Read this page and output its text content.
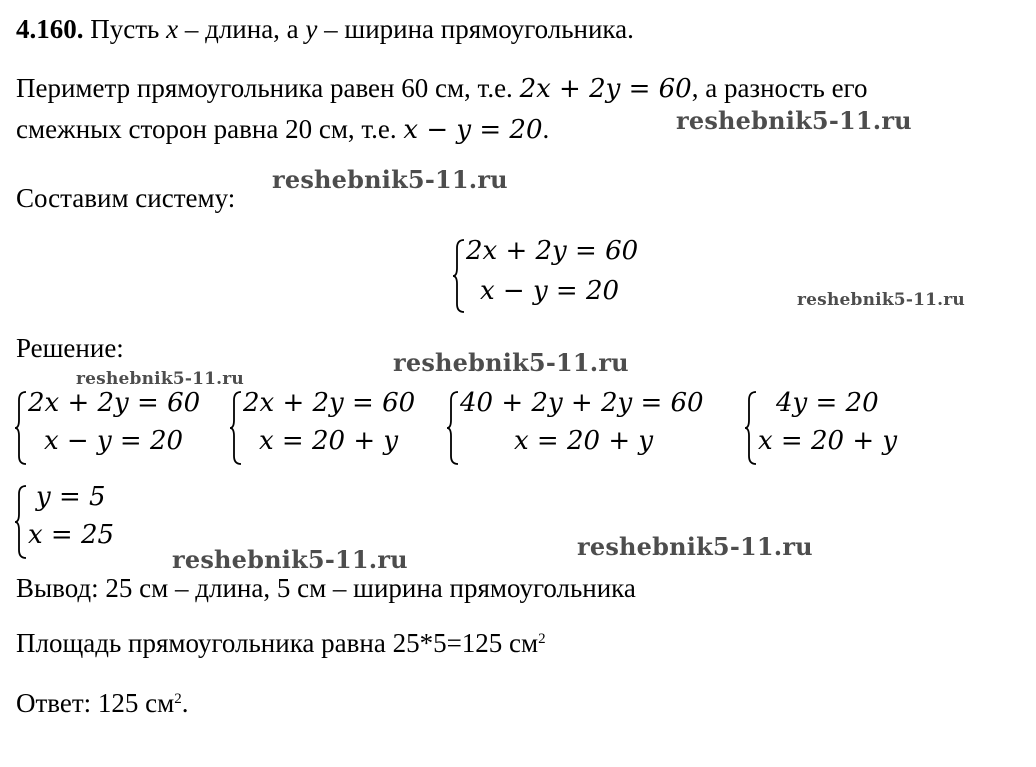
4.160. Пусть x – длина, а y – ширина прямоугольника.
Периметр прямоугольника равен 60 см, т.е. 2x + 2y = 60, а разность его
смежных сторон равна 20 см, т.е. x − y = 20.
Составим систему:
2x + 2y = 60
x − y = 20
Решение:
2x + 2y = 60
x − y = 20
2x + 2y = 60
x = 20 + y
40 + 2y + 2y = 60
x = 20 + y
4y = 20
x = 20 + y
y = 5
x = 25
Вывод: 25 см – длина, 5 см – ширина прямоугольника
Площадь прямоугольника равна 25*5=125 $см^2$
Ответ: 125 $см^2$.
reshebnik5-11.ru
reshebnik5-11.ru
reshebnik5-11.ru
reshebnik5-11.ru
reshebnik5-11.ru
reshebnik5-11.ru
reshebnik5-11.ru
